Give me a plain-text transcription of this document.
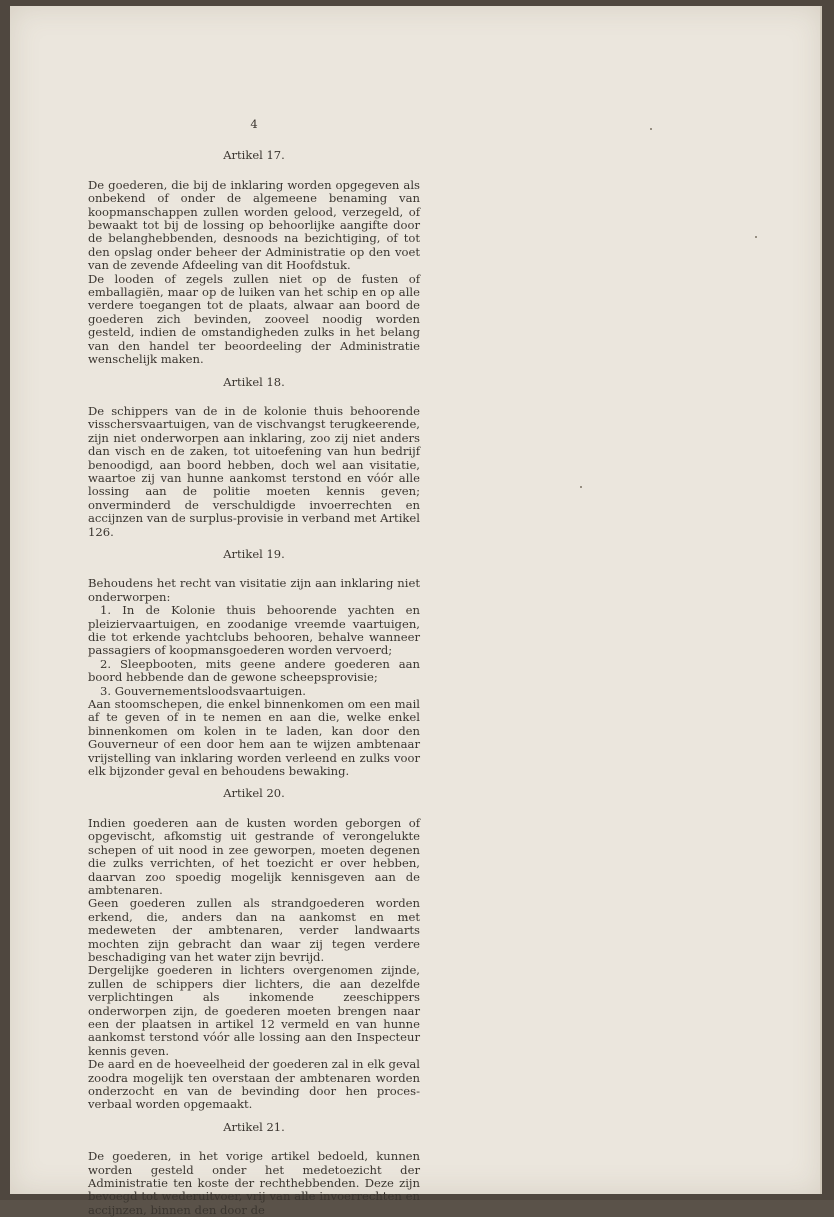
4
Artikel 17.

De goederen, die bij de inklaring worden opgegeven als onbekend of onder de algemeene benaming van koopmanschappen zullen worden gelood, verzegeld, of bewaakt tot bij de lossing op behoorlijke aangifte door de belanghebbenden, desnoods na bezichtiging, of tot den opslag onder beheer der Administratie op den voet van de zevende Afdeeling van dit Hoofdstuk.

De looden of zegels zullen niet op de fusten of emballagiën, maar op de luiken van het schip en op alle verdere toegangen tot de plaats, alwaar aan boord de goederen zich bevinden, zooveel noodig worden gesteld, indien de omstandigheden zulks in het belang van den handel ter beoordeeling der Administratie wenschelijk maken.

Artikel 18.

De schippers van de in de kolonie thuis behoorende visschersvaartuigen, van de vischvangst terugkeerende, zijn niet onderworpen aan inklaring, zoo zij niet anders dan visch en de zaken, tot uitoefening van hun bedrijf benoodigd, aan boord hebben, doch wel aan visitatie, waartoe zij van hunne aankomst terstond en vóór alle lossing aan de politie moeten kennis geven; onverminderd de verschuldigde invoerrechten en accijnzen van de surplus-provisie in verband met Artikel 126.

Artikel 19.

Behoudens het recht van visitatie zijn aan inklaring niet onderworpen:

1. In de Kolonie thuis behoorende yachten en pleiziervaartuigen, en zoodanige vreemde vaartuigen, die tot erkende yachtclubs behooren, behalve wanneer passagiers of koopmansgoederen worden vervoerd;

2. Sleepbooten, mits geene andere goederen aan boord hebbende dan de gewone scheepsprovisie;

3. Gouvernementsloodsvaartuigen.

Aan stoomschepen, die enkel binnenkomen om een mail af te geven of in te nemen en aan die, welke enkel binnenkomen om kolen in te laden, kan door den Gouverneur of een door hem aan te wijzen ambtenaar vrijstelling van inklaring worden verleend en zulks voor elk bijzonder geval en behoudens bewaking.

Artikel 20.

Indien goederen aan de kusten worden geborgen of opgevischt, afkomstig uit gestrande of verongelukte schepen of uit nood in zee geworpen, moeten degenen die zulks verrichten, of het toezicht er over hebben, daarvan zoo spoedig mogelijk kennisgeven aan de ambtenaren.

Geen goederen zullen als strandgoederen worden erkend, die, anders dan na aankomst en met medeweten der ambtenaren, verder landwaarts mochten zijn gebracht dan waar zij tegen verdere beschadiging van het water zijn bevrijd.

Dergelijke goederen in lichters overgenomen zijnde, zullen de schippers dier lichters, die aan dezelfde verplichtingen als inkomende zeeschippers onderworpen zijn, de goederen moeten brengen naar een der plaatsen in artikel 12 vermeld en van hunne aankomst terstond vóór alle lossing aan den Inspecteur kennis geven.

De aard en de hoeveelheid der goederen zal in elk geval zoodra mogelijk ten overstaan der ambtenaren worden onderzocht en van de bevinding door hen proces-verbaal worden opgemaakt.

Artikel 21.

De goederen, in het vorige artikel bedoeld, kunnen worden gesteld onder het medetoezicht der Administratie ten koste der rechthebbenden. Deze zijn bevoegd tot wederuitvoer, vrij van alle invoerrechten en accijnzen, binnen den door de
